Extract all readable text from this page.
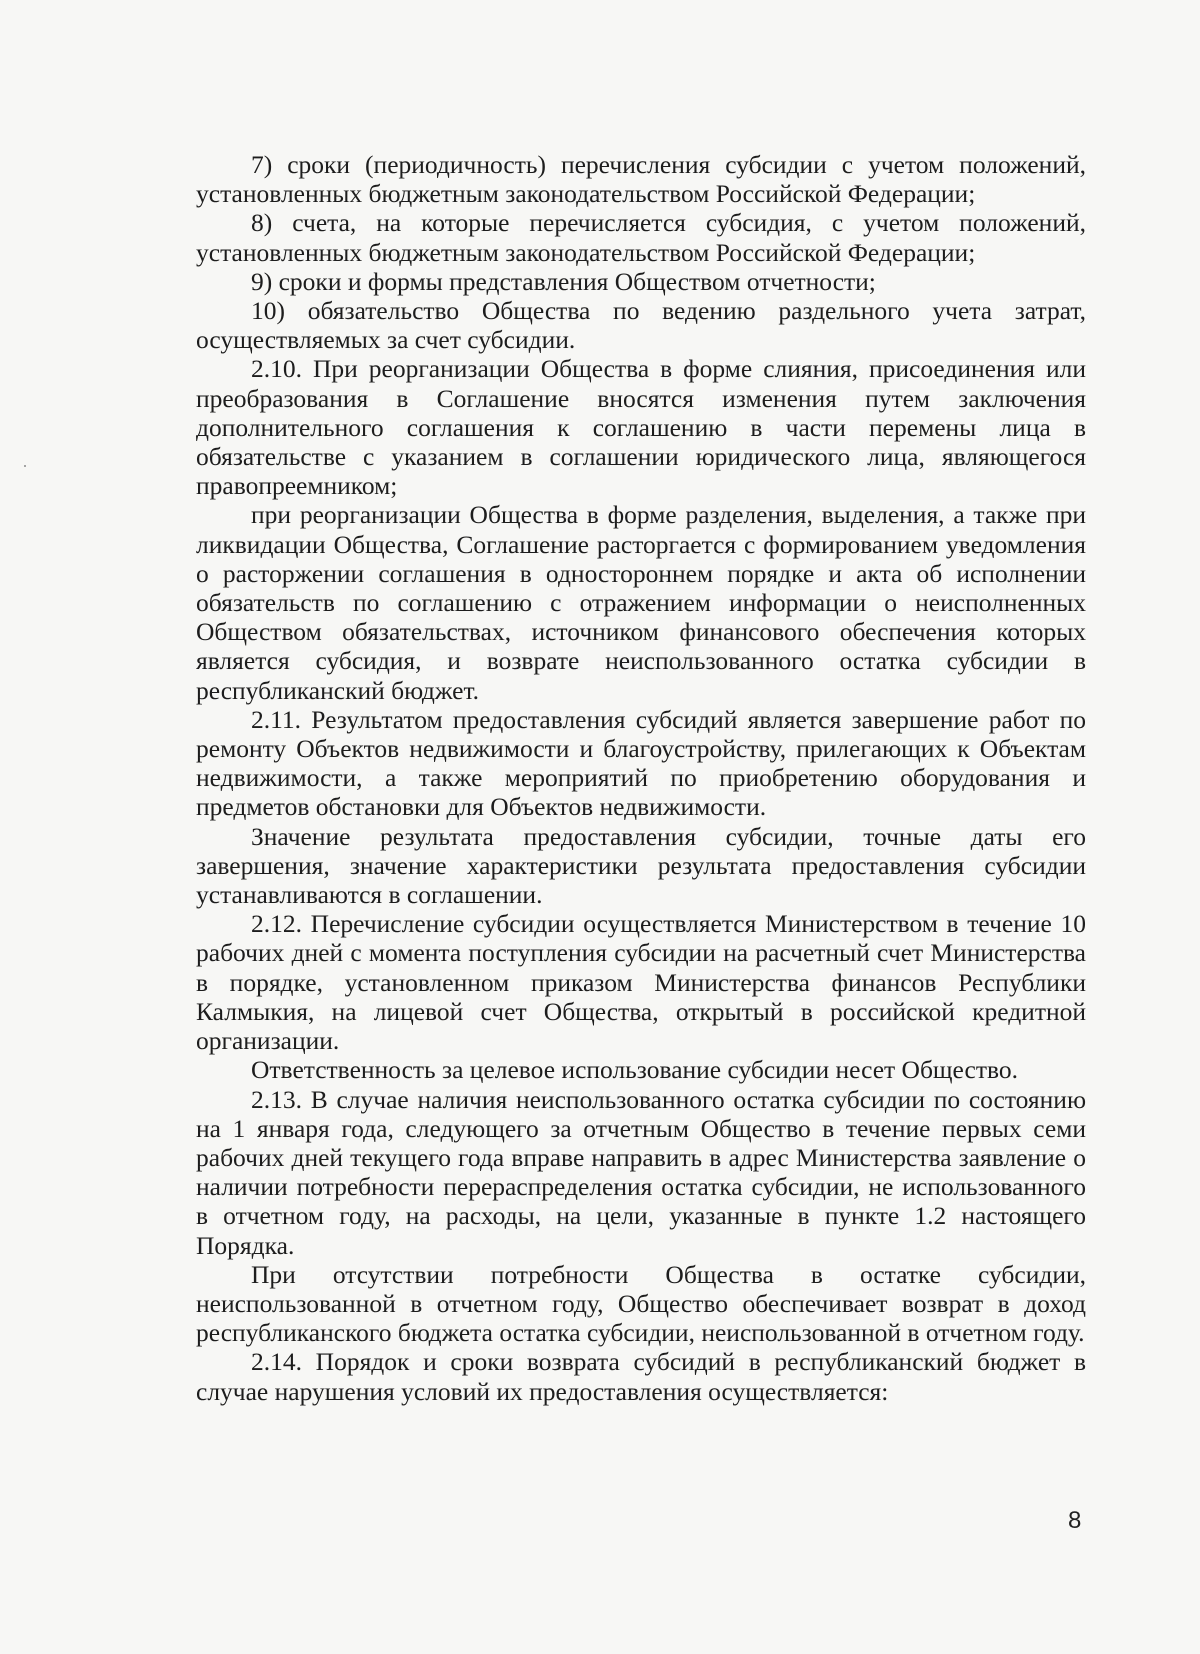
7) сроки (периодичность) перечисления субсидии с учетом положений, установленных бюджетным законодательством Российской Федерации;

8) счета, на которые перечисляется субсидия, с учетом положений, установленных бюджетным законодательством Российской Федерации;

9) сроки и формы представления Обществом отчетности;

10) обязательство Общества по ведению раздельного учета затрат, осуществляемых за счет субсидии.

2.10. При реорганизации Общества в форме слияния, присоединения или преобразования в Соглашение вносятся изменения путем заключения дополнительного соглашения к соглашению в части перемены лица в обязательстве с указанием в соглашении юридического лица, являющегося правопреемником;

при реорганизации Общества в форме разделения, выделения, а также при ликвидации Общества, Соглашение расторгается с формированием уведомления о расторжении соглашения в одностороннем порядке и акта об исполнении обязательств по соглашению с отражением информации о неисполненных Обществом обязательствах, источником финансового обеспечения которых является субсидия, и возврате неиспользованного остатка субсидии в республиканский бюджет.

2.11. Результатом предоставления субсидий является завершение работ по ремонту Объектов недвижимости и благоустройству, прилегающих к Объектам недвижимости, а также мероприятий по приобретению оборудования и предметов обстановки для Объектов недвижимости.

Значение результата предоставления субсидии, точные даты его завершения, значение характеристики результата предоставления субсидии устанавливаются в соглашении.

2.12. Перечисление субсидии осуществляется Министерством в течение 10 рабочих дней с момента поступления субсидии на расчетный счет Министерства в порядке, установленном приказом Министерства финансов Республики Калмыкия, на лицевой счет Общества, открытый в российской кредитной организации.

Ответственность за целевое использование субсидии несет Общество.

2.13. В случае наличия неиспользованного остатка субсидии по состоянию на 1 января года, следующего за отчетным Общество в течение первых семи рабочих дней текущего года вправе направить в адрес Министерства заявление о наличии потребности перераспределения остатка субсидии, не использованного в отчетном году, на расходы, на цели, указанные в пункте 1.2 настоящего Порядка.

При отсутствии потребности Общества в остатке субсидии, неиспользованной в отчетном году, Общество обеспечивает возврат в доход республиканского бюджета остатка субсидии, неиспользованной в отчетном году.

2.14. Порядок и сроки возврата субсидий в республиканский бюджет в случае нарушения условий их предоставления осуществляется:

8
